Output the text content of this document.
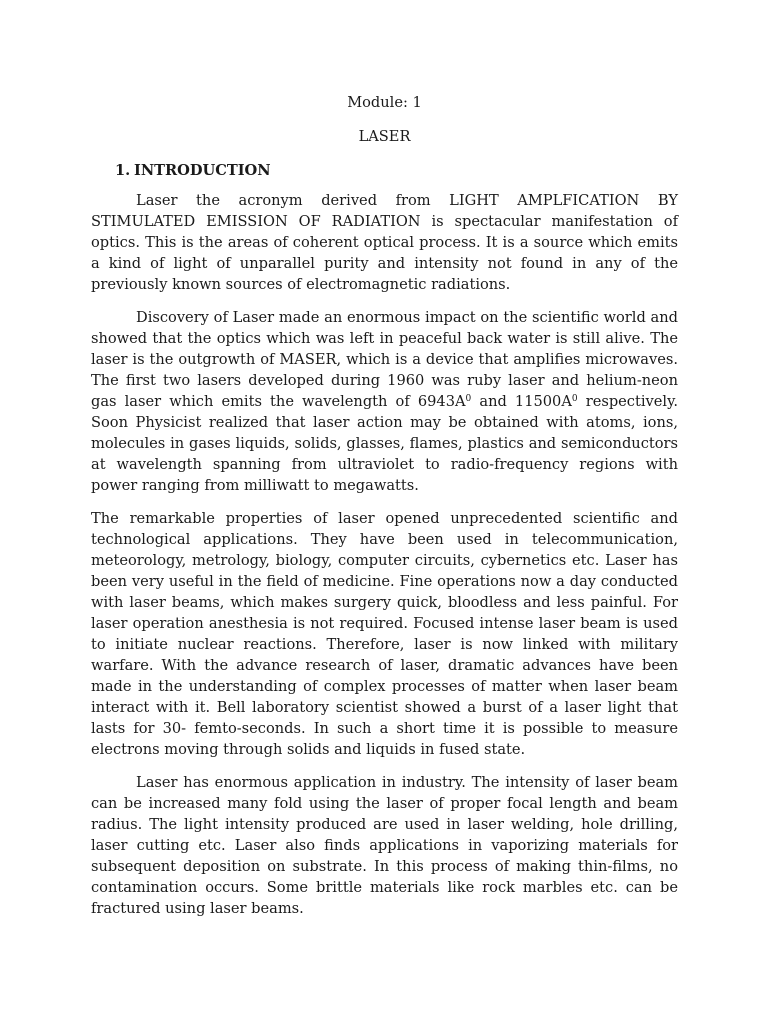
Module: 1

LASER

1. INTRODUCTION

Laser the acronym derived from LIGHT AMPLFICATION BY STIMULATED EMISSION OF RADIATION is spectacular manifestation of optics. This is the areas of coherent optical process. It is a source which emits a kind of light of unparallel purity and intensity not found in any of the previously known sources of electromagnetic radiations.

Discovery of Laser made an enormous impact on the scientific world and showed that the optics which was left in peaceful back water is still alive. The laser is the outgrowth of MASER, which is a device that amplifies microwaves. The first two lasers developed during 1960 was ruby laser and helium-neon gas laser which emits the wavelength of $6943A^0$ and $11500A^0$ respectively. Soon Physicist realized that laser action may be obtained with atoms, ions, molecules in gases liquids, solids, glasses, flames, plastics and semiconductors at wavelength spanning from ultraviolet to radio-frequency regions with power ranging from milliwatt to megawatts.

The remarkable properties of laser opened unprecedented scientific and technological applications. They have been used in telecommunication, meteorology, metrology, biology, computer circuits, cybernetics etc. Laser has been very useful in the field of medicine. Fine operations now a day conducted with laser beams, which makes surgery quick, bloodless and less painful. For laser operation anesthesia is not required. Focused intense laser beam is used to initiate nuclear reactions. Therefore, laser is now linked with military warfare. With the advance research of laser, dramatic advances have been made in the understanding of complex processes of matter when laser beam interact with it. Bell laboratory scientist showed a burst of a laser light that lasts for 30- femto-seconds. In such a short time it is possible to measure electrons moving through solids and liquids in fused state.

Laser has enormous application in industry. The intensity of laser beam can be increased many fold using the laser of proper focal length and beam radius. The light intensity produced are used in laser welding, hole drilling, laser cutting etc. Laser also finds applications in vaporizing materials for subsequent deposition on substrate. In this process of making thin-films, no contamination occurs. Some brittle materials like rock marbles etc. can be fractured using laser beams.
